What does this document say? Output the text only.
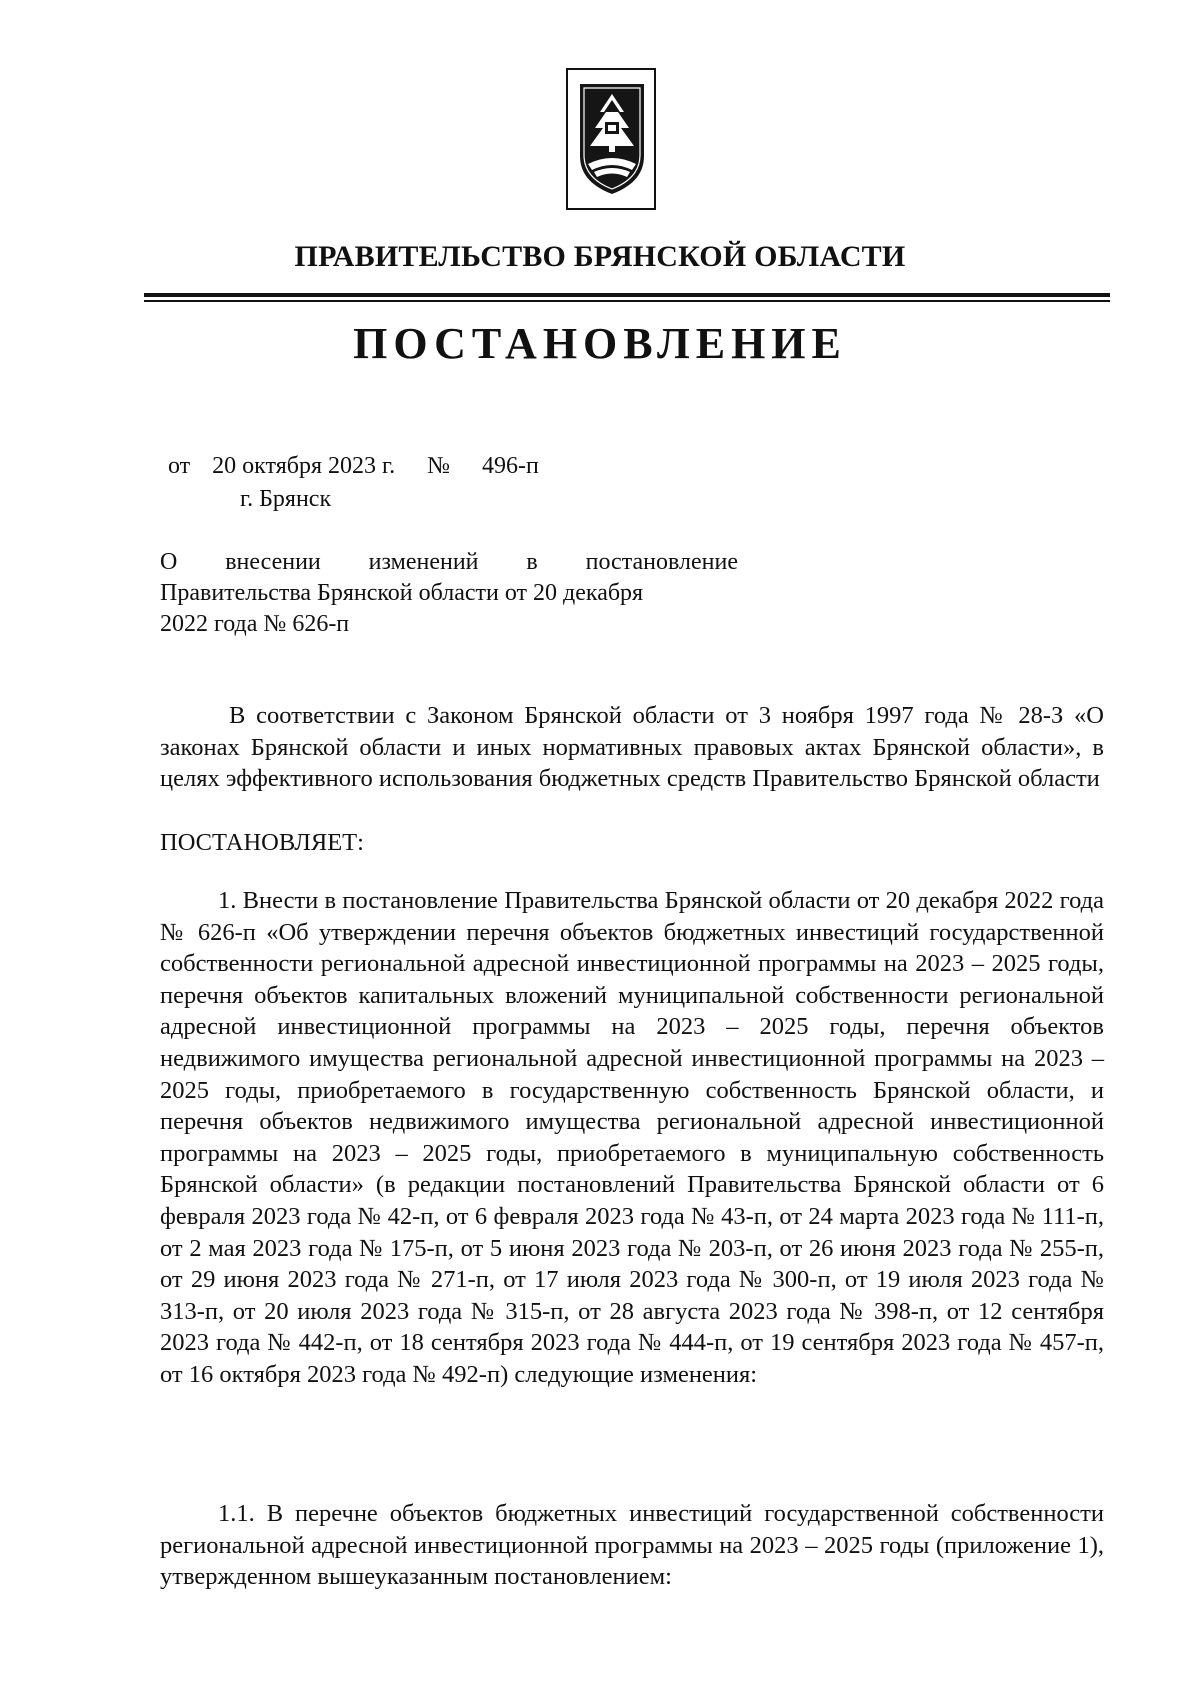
ПРАВИТЕЛЬСТВО БРЯНСКОЙ ОБЛАСТИ
ПОСТАНОВЛЕНИЕ
от 20 октября 2023 г. № 496-п
г. Брянск
О внесении изменений в постановление
Правительства Брянской области от 20 декабря
2022 года № 626-п
В соответствии с Законом Брянской области от 3 ноября 1997 года № 28-З «О законах Брянской области и иных нормативных правовых актах Брянской области», в целях эффективного использования бюджетных средств Правительство Брянской области
ПОСТАНОВЛЯЕТ:
1. Внести в постановление Правительства Брянской области от 20 декабря 2022 года № 626-п «Об утверждении перечня объектов бюджетных инвестиций государственной собственности региональной адресной инвестиционной программы на 2023 – 2025 годы, перечня объектов капитальных вложений муниципальной собственности региональной адресной инвестиционной программы на 2023 – 2025 годы, перечня объектов недвижимого имущества региональной адресной инвестиционной программы на 2023 – 2025 годы, приобретаемого в государственную собственность Брянской области, и перечня объектов недвижимого имущества региональной адресной инвестиционной программы на 2023 – 2025 годы, приобретаемого в муниципальную собственность Брянской области» (в редакции постановлений Правительства Брянской области от 6 февраля 2023 года № 42-п, от 6 февраля 2023 года № 43-п, от 24 марта 2023 года № 111-п, от 2 мая 2023 года № 175-п, от 5 июня 2023 года № 203-п, от 26 июня 2023 года № 255-п, от 29 июня 2023 года № 271-п, от 17 июля 2023 года № 300-п, от 19 июля 2023 года № 313-п, от 20 июля 2023 года № 315-п, от 28 августа 2023 года № 398-п, от 12 сентября 2023 года № 442-п, от 18 сентября 2023 года № 444-п, от 19 сентября 2023 года № 457-п, от 16 октября 2023 года № 492-п) следующие изменения:
1.1. В перечне объектов бюджетных инвестиций государственной собственности региональной адресной инвестиционной программы на 2023 – 2025 годы (приложение 1), утвержденном вышеуказанным постановлением:
